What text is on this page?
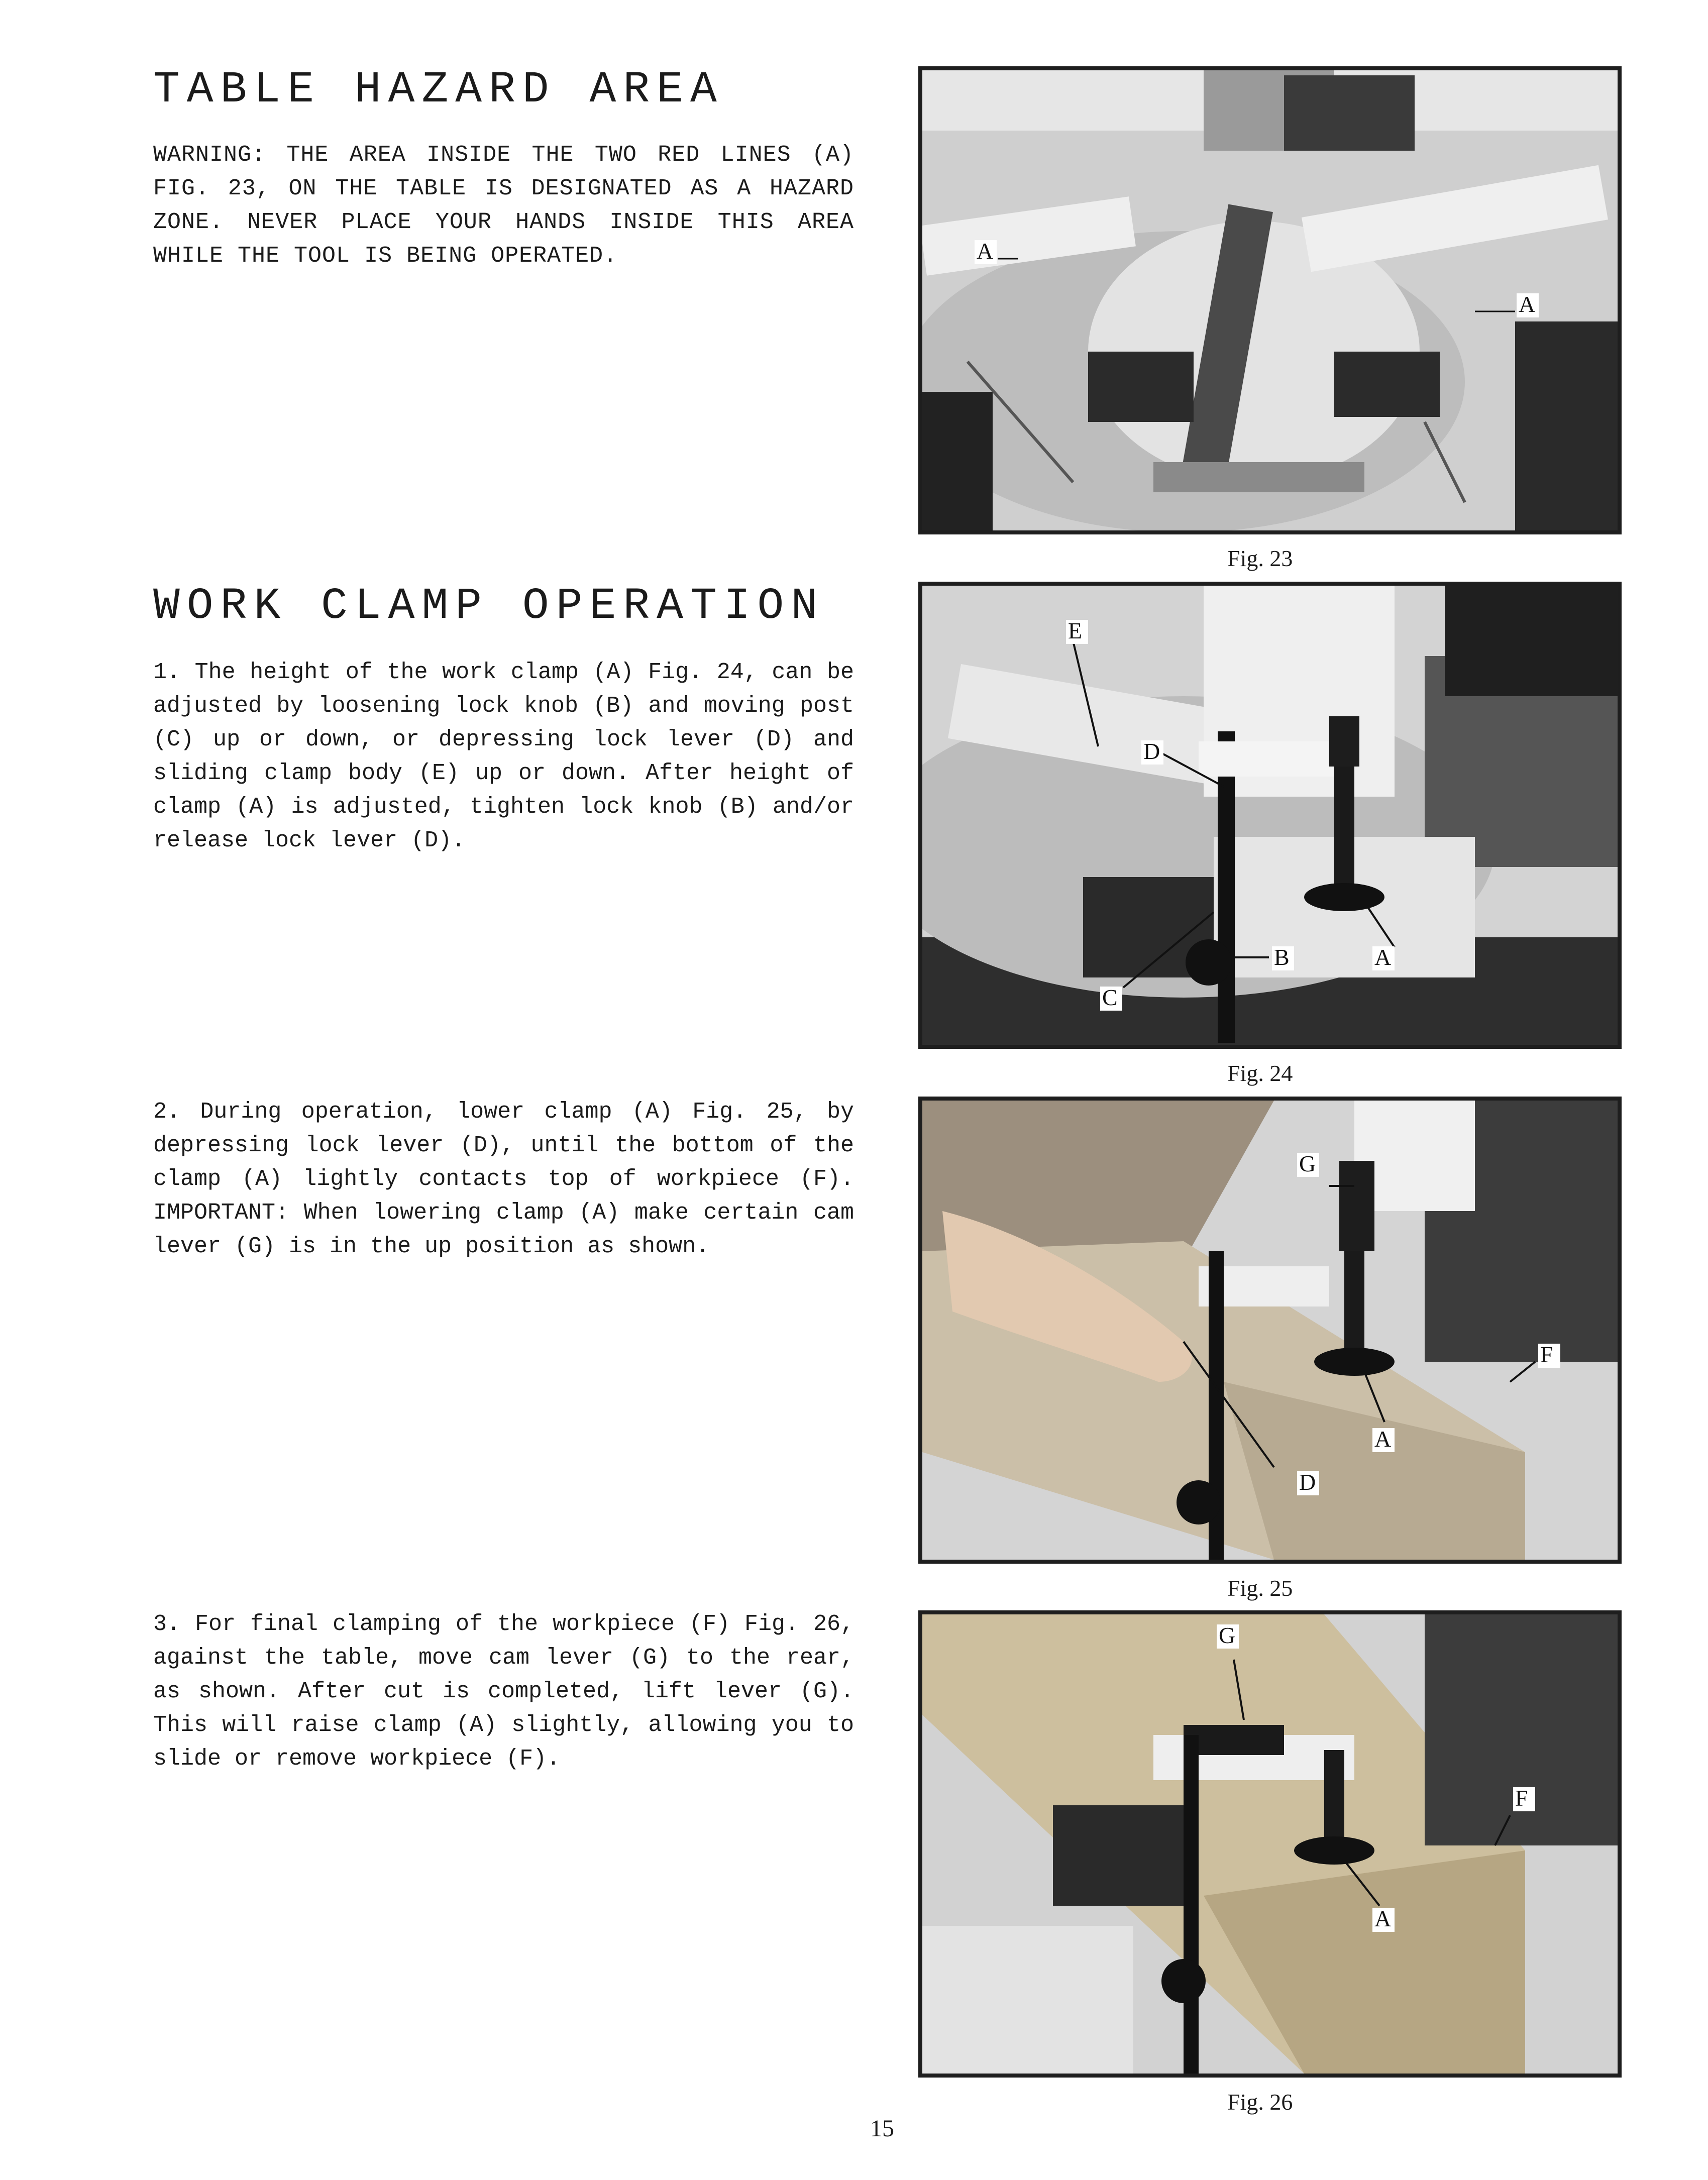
TABLE HAZARD AREA

WARNING: THE AREA INSIDE THE TWO RED LINES (A) FIG. 23, ON THE TABLE IS DESIGNATED AS A HAZARD ZONE. NEVER PLACE YOUR HANDS INSIDE THIS AREA WHILE THE TOOL IS BEING OPERATED.

WORK CLAMP OPERATION

1. The height of the work clamp (A) Fig. 24, can be adjusted by loosening lock knob (B) and moving post (C) up or down, or depressing lock lever (D) and sliding clamp body (E) up or down. After height of clamp (A) is adjusted, tighten lock knob (B) and/or release lock lever (D).

2. During operation, lower clamp (A) Fig. 25, by depressing lock lever (D), until the bottom of the clamp (A) lightly contacts top of workpiece (F). IMPORTANT: When lowering clamp (A) make certain cam lever (G) is in the up position as shown.

3. For final clamping of the workpiece (F) Fig. 26, against the table, move cam lever (G) to the rear, as shown. After cut is completed, lift lever (G). This will raise clamp (A) slightly, allowing you to slide or remove workpiece (F).

A
A
Fig. 23
E
D
A
B
C
Fig. 24
G
F
A
D
Fig. 25
G
F
A
Fig. 26
15
